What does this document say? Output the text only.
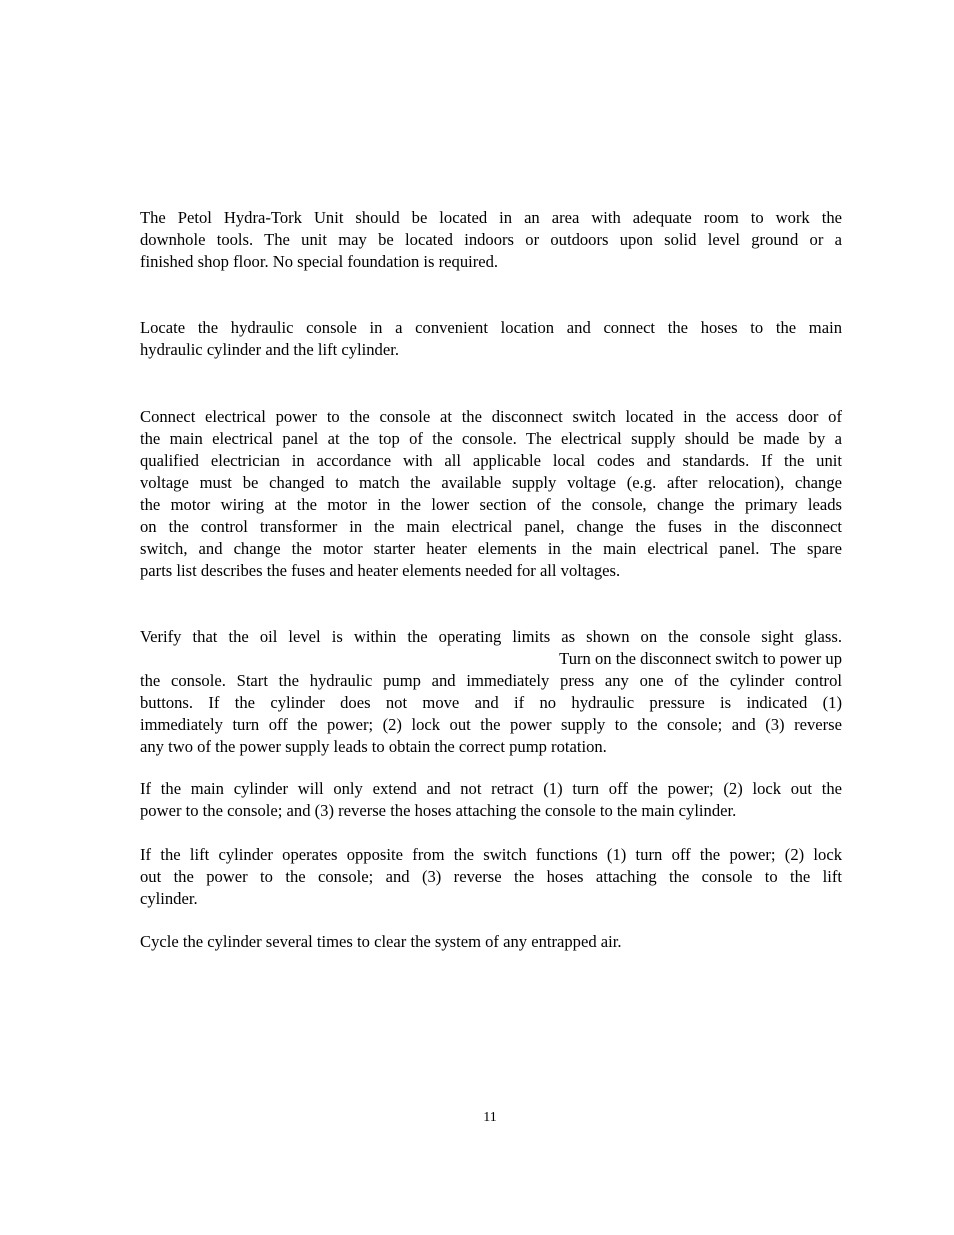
The Petol Hydra-Tork Unit should be located in an area with adequate room to work the
downhole tools. The unit may be located indoors or outdoors upon solid level ground or a
finished shop floor. No special foundation is required.
Locate the hydraulic console in a convenient location and connect the hoses to the main
hydraulic cylinder and the lift cylinder.
Connect electrical power to the console at the disconnect switch located in the access door of
the main electrical panel at the top of the console. The electrical supply should be made by a
qualified electrician in accordance with all applicable local codes and standards. If the unit
voltage must be changed to match the available supply voltage (e.g. after relocation), change
the motor wiring at the motor in the lower section of the console, change the primary leads
on the control transformer in the main electrical panel, change the fuses in the disconnect
switch, and change the motor starter heater elements in the main electrical panel. The spare
parts list describes the fuses and heater elements needed for all voltages.
Verify that the oil level is within the operating limits as shown on the console sight glass.
Turn on the disconnect switch to power up
the console. Start the hydraulic pump and immediately press any one of the cylinder control
buttons. If the cylinder does not move and if no hydraulic pressure is indicated (1)
immediately turn off the power; (2) lock out the power supply to the console; and (3) reverse
any two of the power supply leads to obtain the correct pump rotation.
If the main cylinder will only extend and not retract (1) turn off the power; (2) lock out the
power to the console; and (3) reverse the hoses attaching the console to the main cylinder.
If the lift cylinder operates opposite from the switch functions (1) turn off the power; (2) lock
out the power to the console; and (3) reverse the hoses attaching the console to the lift
cylinder.
Cycle the cylinder several times to clear the system of any entrapped air.
11
